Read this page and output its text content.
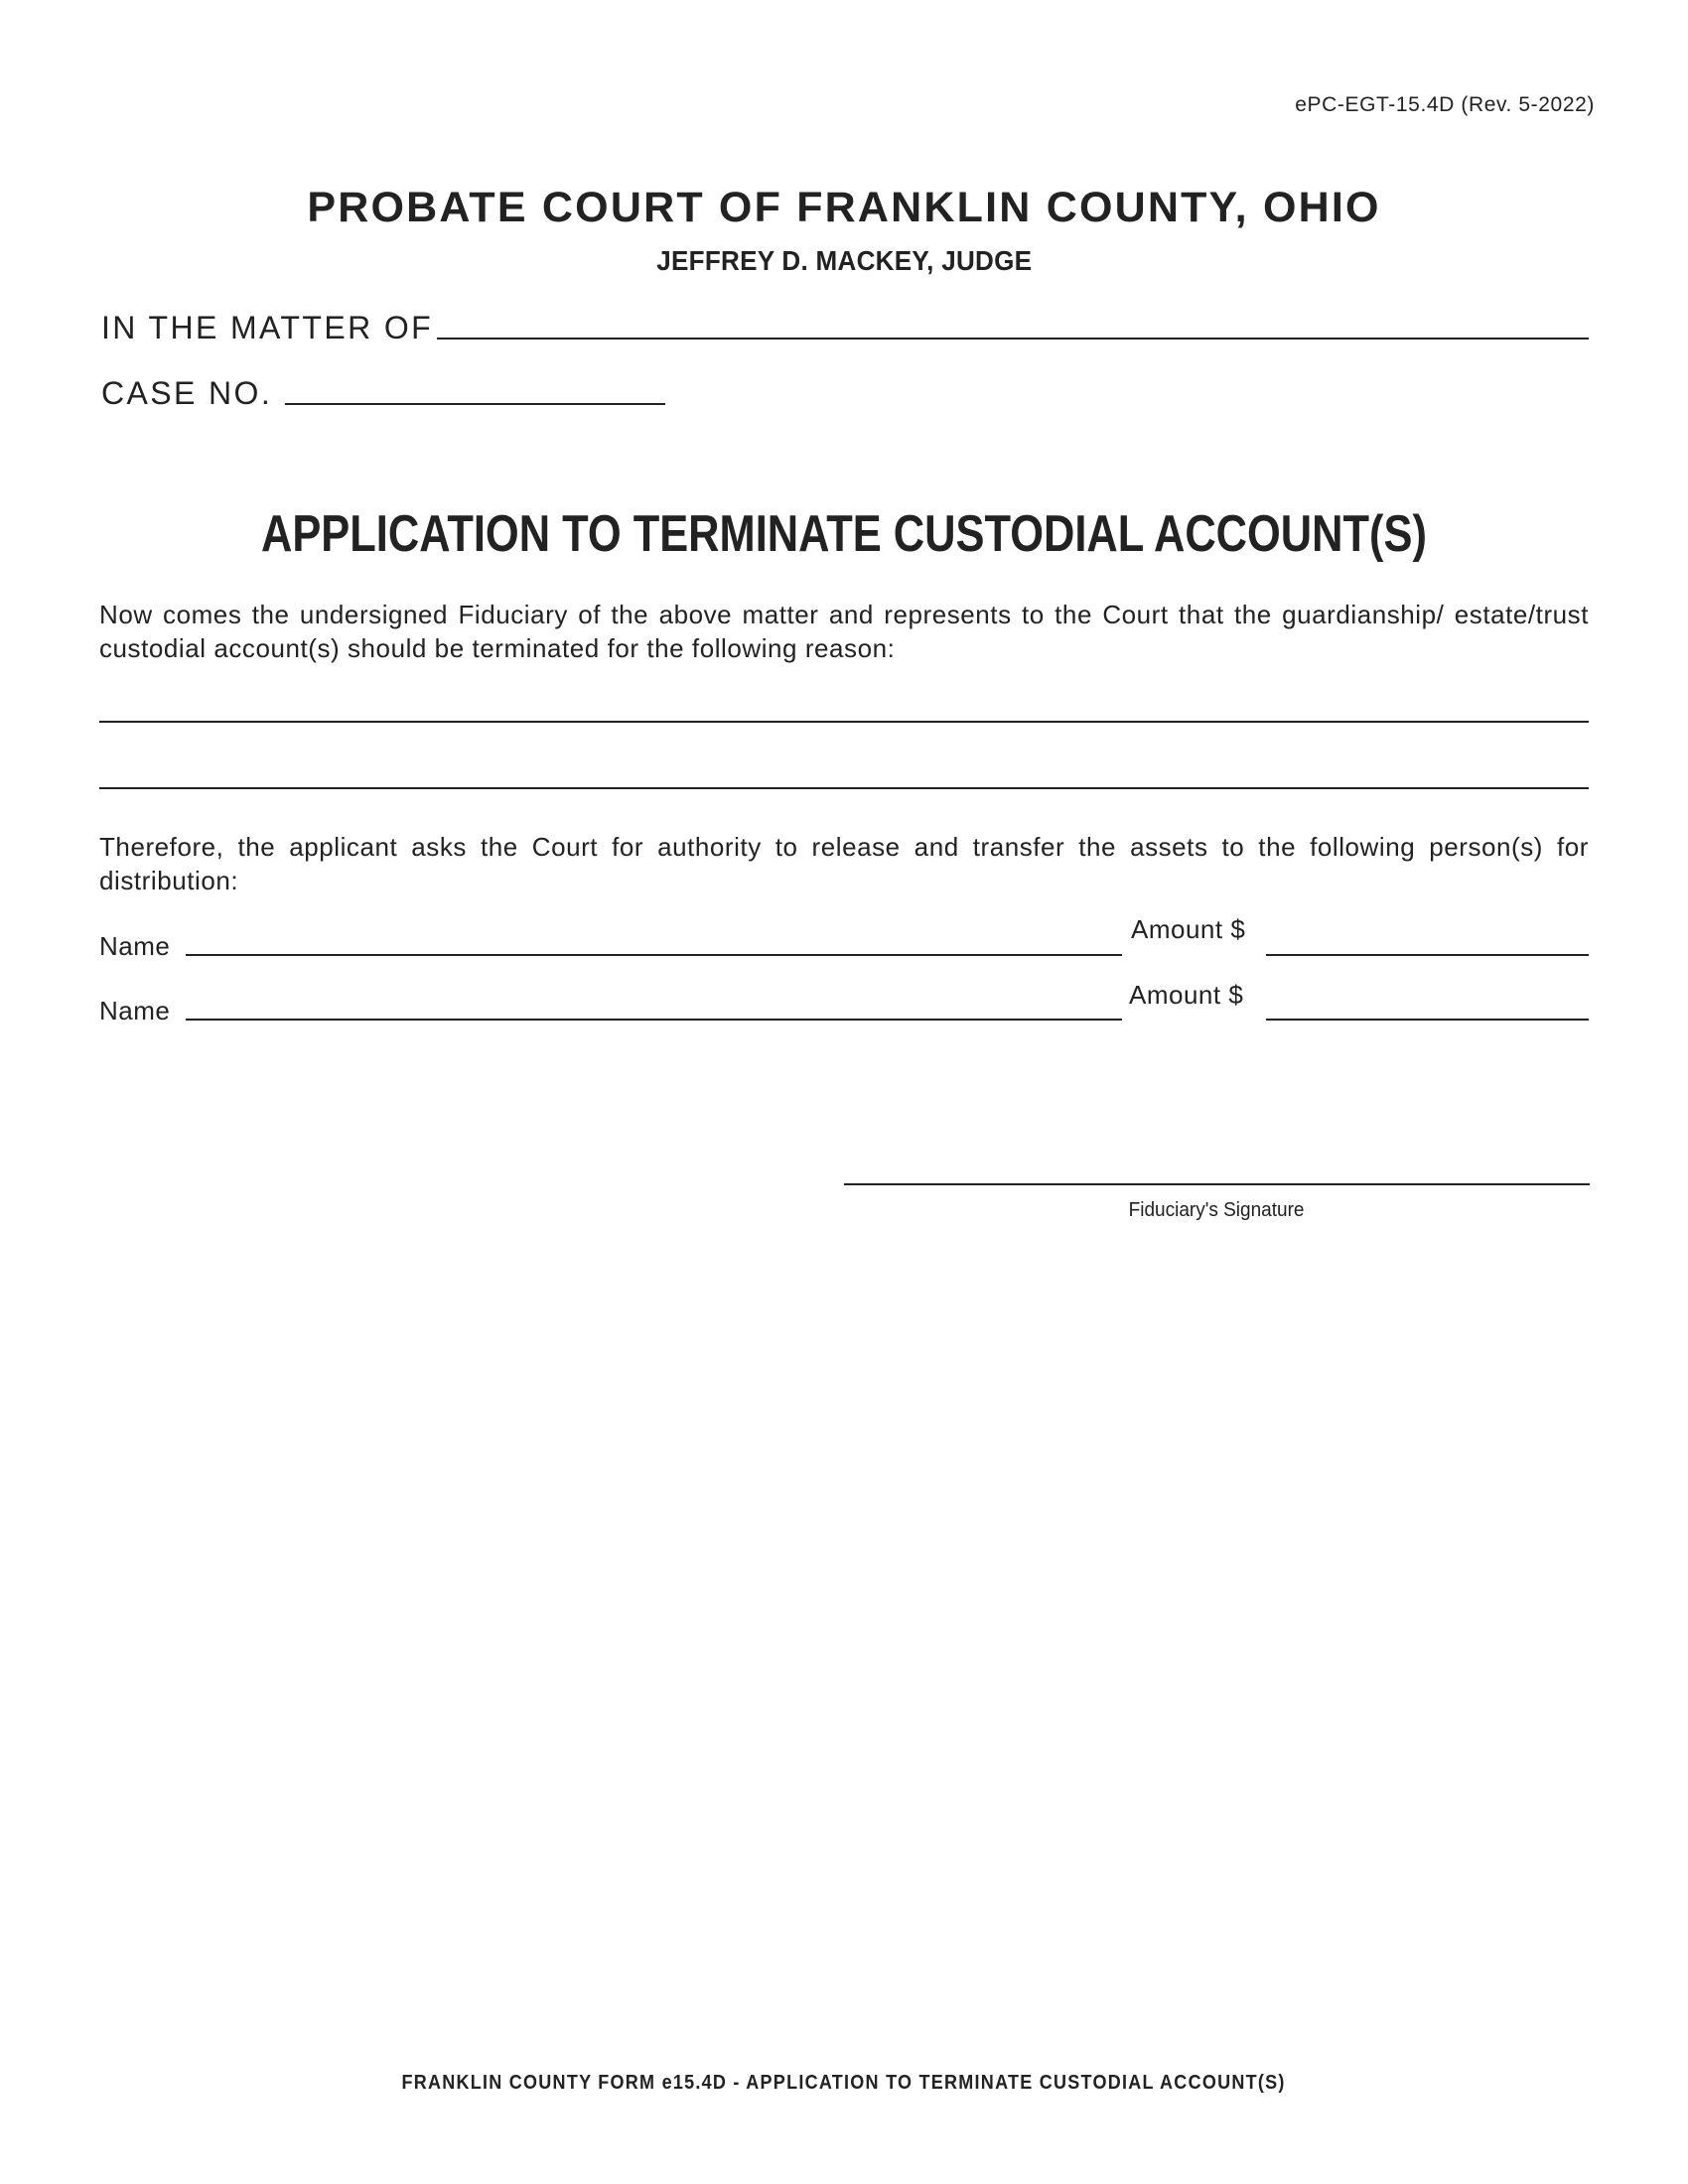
ePC-EGT-15.4D (Rev. 5-2022)
PROBATE COURT OF FRANKLIN COUNTY, OHIO
JEFFREY D. MACKEY, JUDGE
IN THE MATTER OF
CASE NO.
APPLICATION TO TERMINATE CUSTODIAL ACCOUNT(S)
Now comes the undersigned Fiduciary of the above matter and represents to the Court that the guardianship/ estate/trust custodial account(s) should be terminated for the following reason:
Therefore, the applicant asks the Court for authority to release and transfer the assets to the following person(s) for distribution:
Name
Amount $
Name
Amount $
Fiduciary's Signature
FRANKLIN COUNTY FORM e15.4D - APPLICATION TO TERMINATE CUSTODIAL ACCOUNT(S)
